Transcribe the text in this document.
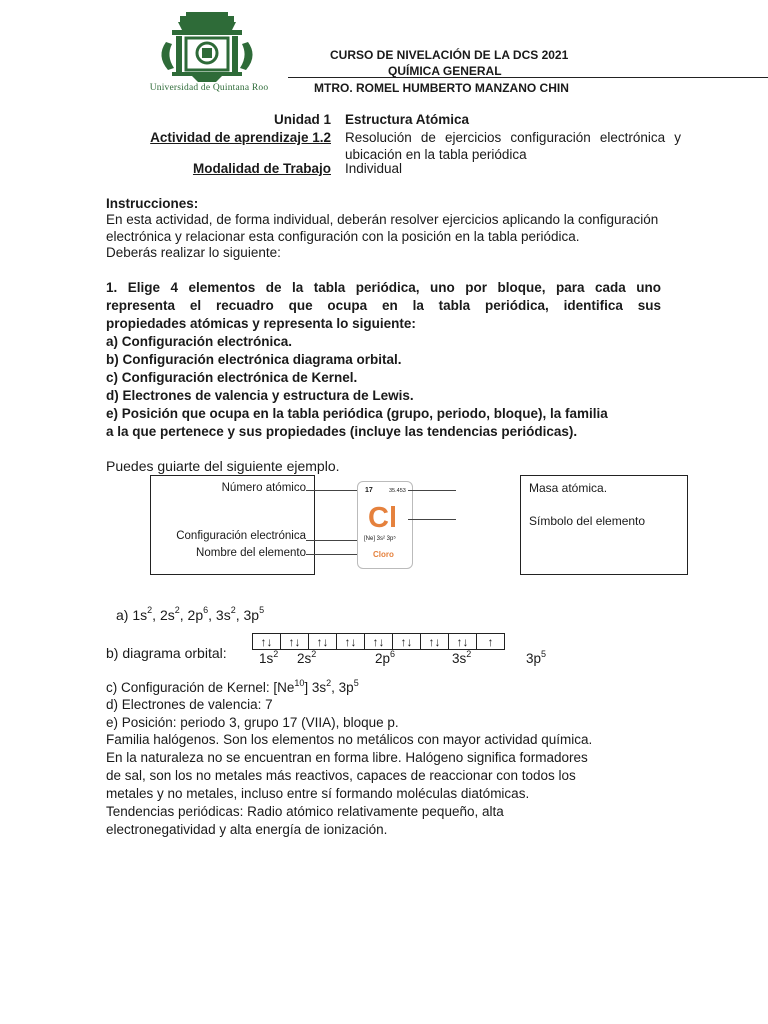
Universidad de Quintana Roo
CURSO DE NIVELACIÓN DE LA DCS 2021
QUÍMICA GENERAL
MTRO. ROMEL HUMBERTO MANZANO CHIN
Unidad 1 Estructura Atómica
Actividad de aprendizaje 1.2 Resolución de ejercicios configuración electrónica y
ubicación en la tabla periódica
Modalidad de Trabajo Individual
Instrucciones:
En esta actividad, de forma individual, deberán resolver ejercicios aplicando la configuración
electrónica y relacionar esta configuración con la posición en la tabla periódica.
Deberás realizar lo siguiente:
1. Elige 4 elementos de la tabla periódica, uno por bloque, para cada uno
representa el recuadro que ocupa en la tabla periódica, identifica sus
propiedades atómicas y representa lo siguiente:
a) Configuración electrónica.
b) Configuración electrónica diagrama orbital.
c) Configuración electrónica de Kernel.
d) Electrones de valencia y estructura de Lewis.
e) Posición que ocupa en la tabla periódica (grupo, periodo, bloque), la familia
a la que pertenece y sus propiedades (incluye las tendencias periódicas).
Puedes guiarte del siguiente ejemplo.
Número atómico
Configuración electrónica
Nombre del elemento
17	35.453
Cl
[Ne] 3s² 3p⁵
Cloro
Masa atómica.
Símbolo del elemento
a) $1s^2$, $2s^2$, $2p^6$, $3s^2$, $3p^5$
b) diagrama orbital:
↑↓	↑↓	↑↓	↑↓	↑↓	↑↓	↑↓	↑↓	↑
$1s^2$ $2s^2$	$2p^6$	$3s^2$	$3p^5$
c) Configuración de Kernel: [Ne$^{10}$] $3s^2$, $3p^5$
d) Electrones de valencia: 7
e) Posición: periodo 3, grupo 17 (VIIA), bloque p.
Familia halógenos. Son los elementos no metálicos con mayor actividad química.
En la naturaleza no se encuentran en forma libre. Halógeno significa formadores
de sal, son los no metales más reactivos, capaces de reaccionar con todos los
metales y no metales, incluso entre sí formando moléculas diatómicas.
Tendencias periódicas: Radio atómico relativamente pequeño, alta
electronegatividad y alta energía de ionización.
